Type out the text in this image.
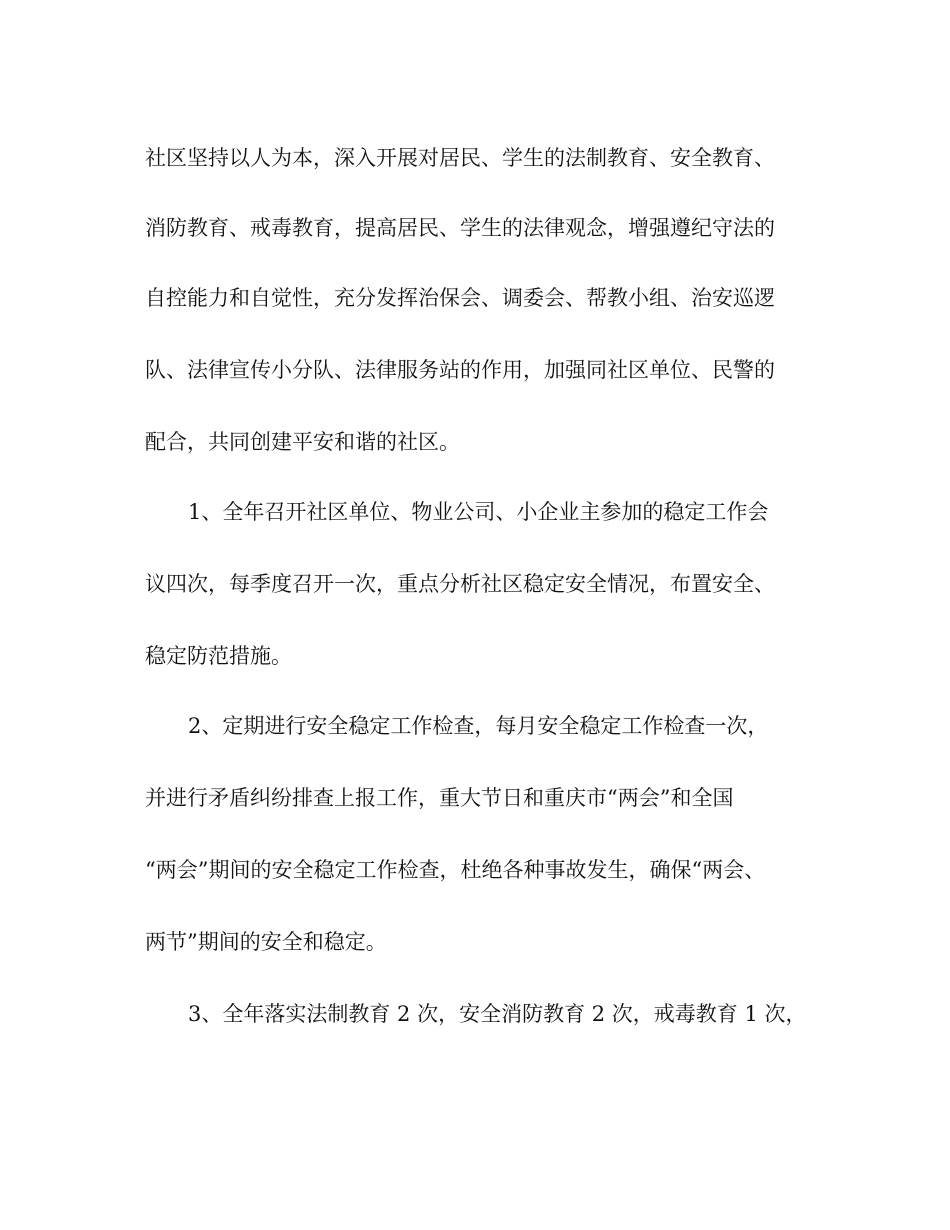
社区坚持以人为本，深入开展对居民、学生的法制教育、安全教育、
消防教育、戒毒教育，提高居民、学生的法律观念，增强遵纪守法的
自控能力和自觉性，充分发挥治保会、调委会、帮教小组、治安巡逻
队、法律宣传小分队、法律服务站的作用，加强同社区单位、民警的
配合，共同创建平安和谐的社区。
1、全年召开社区单位、物业公司、小企业主参加的稳定工作会
议四次，每季度召开一次，重点分析社区稳定安全情况，布置安全、
稳定防范措施。
2、定期进行安全稳定工作检查，每月安全稳定工作检查一次，
并进行矛盾纠纷排查上报工作，重大节日和重庆市“两会”和全国
“两会”期间的安全稳定工作检查，杜绝各种事故发生，确保“两会、
两节”期间的安全和稳定。
3、全年落实法制教育 2 次，安全消防教育 2 次，戒毒教育 1 次，
